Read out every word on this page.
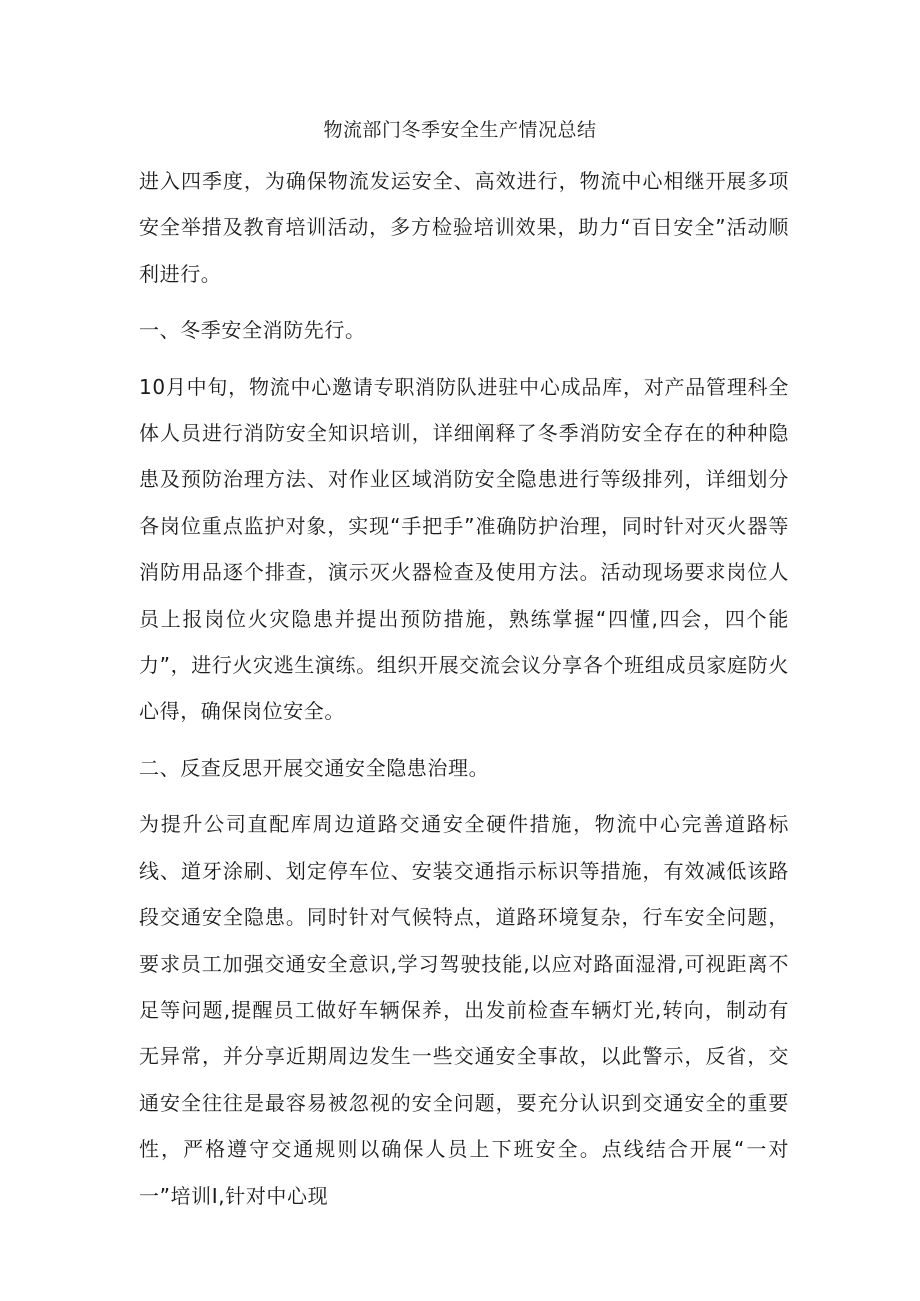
物流部门冬季安全生产情况总结

进入四季度，为确保物流发运安全、高效进行，物流中心相继开展多项安全举措及教育培训活动，多方检验培训效果，助力“百日安全”活动顺利进行。

一、冬季安全消防先行。

10月中旬，物流中心邀请专职消防队进驻中心成品库，对产品管理科全体人员进行消防安全知识培训，详细阐释了冬季消防安全存在的种种隐患及预防治理方法、对作业区域消防安全隐患进行等级排列，详细划分各岗位重点监护对象，实现“手把手”准确防护治理，同时针对灭火器等消防用品逐个排查，演示灭火器检查及使用方法。活动现场要求岗位人员上报岗位火灾隐患并提出预防措施，熟练掌握“四懂,四会，四个能力”，进行火灾逃生演练。组织开展交流会议分享各个班组成员家庭防火心得，确保岗位安全。

二、反查反思开展交通安全隐患治理。

为提升公司直配库周边道路交通安全硬件措施，物流中心完善道路标线、道牙涂刷、划定停车位、安装交通指示标识等措施，有效减低该路段交通安全隐患。同时针对气候特点，道路环境复杂，行车安全问题，要求员工加强交通安全意识,学习驾驶技能,以应对路面湿滑,可视距离不足等问题,提醒员工做好车辆保养，出发前检查车辆灯光,转向，制动有无异常，并分享近期周边发生一些交通安全事故，以此警示，反省，交通安全往往是最容易被忽视的安全问题，要充分认识到交通安全的重要性，严格遵守交通规则以确保人员上下班安全。点线结合开展“一对一”培训I,针对中心现
